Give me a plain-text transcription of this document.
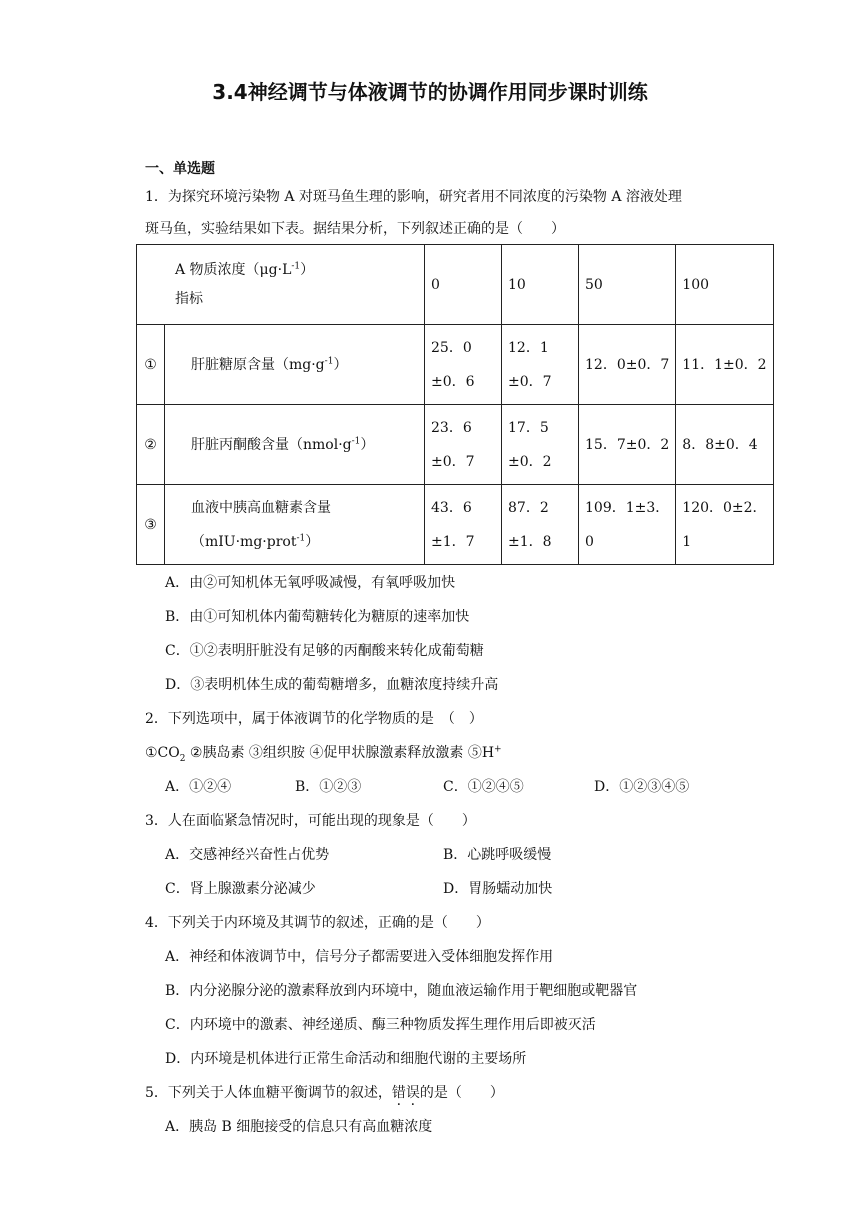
3.4神经调节与体液调节的协调作用同步课时训练
一、单选题
1．为探究环境污染物 A 对斑马鱼生理的影响，研究者用不同浓度的污染物 A 溶液处理
斑马鱼，实验结果如下表。据结果分析，下列叙述正确的是（　　）
A 物质浓度$(\mu g\cdot L^{-1})$
指标		0	10	50	100
①	肝脏糖原含量$(mg\cdot g^{-1})$	25．0±0．6	12．1±0．7	12．0±0．7	11．1±0．2
②	肝脏丙酮酸含量$(nmol\cdot g^{-1})$	23．6±0．7	17．5±0．2	15．7±0．2	8．8±0．4
③	血液中胰高血糖素含量
（mIU·mg·prot$^{-1}$）	43．6±1．7	87．2±1．8	109．1±3．0	120．0±2．1
A．由②可知机体无氧呼吸减慢，有氧呼吸加快
B．由①可知机体内葡萄糖转化为糖原的速率加快
C．①②表明肝脏没有足够的丙酮酸来转化成葡萄糖
D．③表明机体生成的葡萄糖增多，血糖浓度持续升高
2．下列选项中，属于体液调节的化学物质的是　（　）
$①CO_2$ ②胰岛素 ③组织胺 ④促甲状腺激素释放激素 ⑤H+
A．①②④	B．①②③	C．①②④⑤	D．①②③④⑤
3．人在面临紧急情况时，可能出现的现象是（　　）
A．交感神经兴奋性占优势	B．心跳呼吸缓慢
C．肾上腺激素分泌减少	D．胃肠蠕动加快
4．下列关于内环境及其调节的叙述，正确的是（　　）
A．神经和体液调节中，信号分子都需要进入受体细胞发挥作用
B．内分泌腺分泌的激素释放到内环境中，随血液运输作用于靶细胞或靶器官
C．内环境中的激素、神经递质、酶三种物质发挥生理作用后即被灭活
D．内环境是机体进行正常生命活动和细胞代谢的主要场所
5．下列关于人体血糖平衡调节的叙述，错误的是（　　）
A．胰岛 B 细胞接受的信息只有高血糖浓度
